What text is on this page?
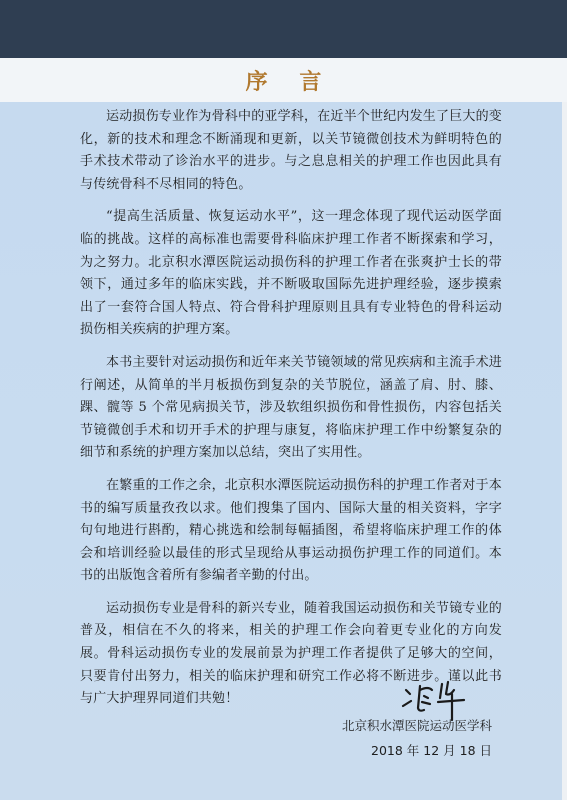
序 言

运动损伤专业作为骨科中的亚学科，在近半个世纪内发生了巨大的变化，新的技术和理念不断涌现和更新，以关节镜微创技术为鲜明特色的手术技术带动了诊治水平的进步。与之息息相关的护理工作也因此具有与传统骨科不尽相同的特色。

“提高生活质量、恢复运动水平”，这一理念体现了现代运动医学面临的挑战。这样的高标准也需要骨科临床护理工作者不断探索和学习，为之努力。北京积水潭医院运动损伤科的护理工作者在张爽护士长的带领下，通过多年的临床实践，并不断吸取国际先进护理经验，逐步摸索出了一套符合国人特点、符合骨科护理原则且具有专业特色的骨科运动损伤相关疾病的护理方案。

本书主要针对运动损伤和近年来关节镜领域的常见疾病和主流手术进行阐述，从简单的半月板损伤到复杂的关节脱位，涵盖了肩、肘、膝、踝、髋等 5 个常见病损关节，涉及软组织损伤和骨性损伤，内容包括关节镜微创手术和切开手术的护理与康复，将临床护理工作中纷繁复杂的细节和系统的护理方案加以总结，突出了实用性。

在繁重的工作之余，北京积水潭医院运动损伤科的护理工作者对于本书的编写质量孜孜以求。他们搜集了国内、国际大量的相关资料，字字句句地进行斟酌，精心挑选和绘制每幅插图，希望将临床护理工作的体会和培训经验以最佳的形式呈现给从事运动损伤护理工作的同道们。本书的出版饱含着所有参编者辛勤的付出。

运动损伤专业是骨科的新兴专业，随着我国运动损伤和关节镜专业的普及，相信在不久的将来，相关的护理工作会向着更专业化的方向发展。骨科运动损伤专业的发展前景为护理工作者提供了足够大的空间，只要肯付出努力，相关的临床护理和研究工作必将不断进步。谨以此书与广大护理界同道们共勉！

北京积水潭医院运动医学科
2018 年 12 月 18 日
